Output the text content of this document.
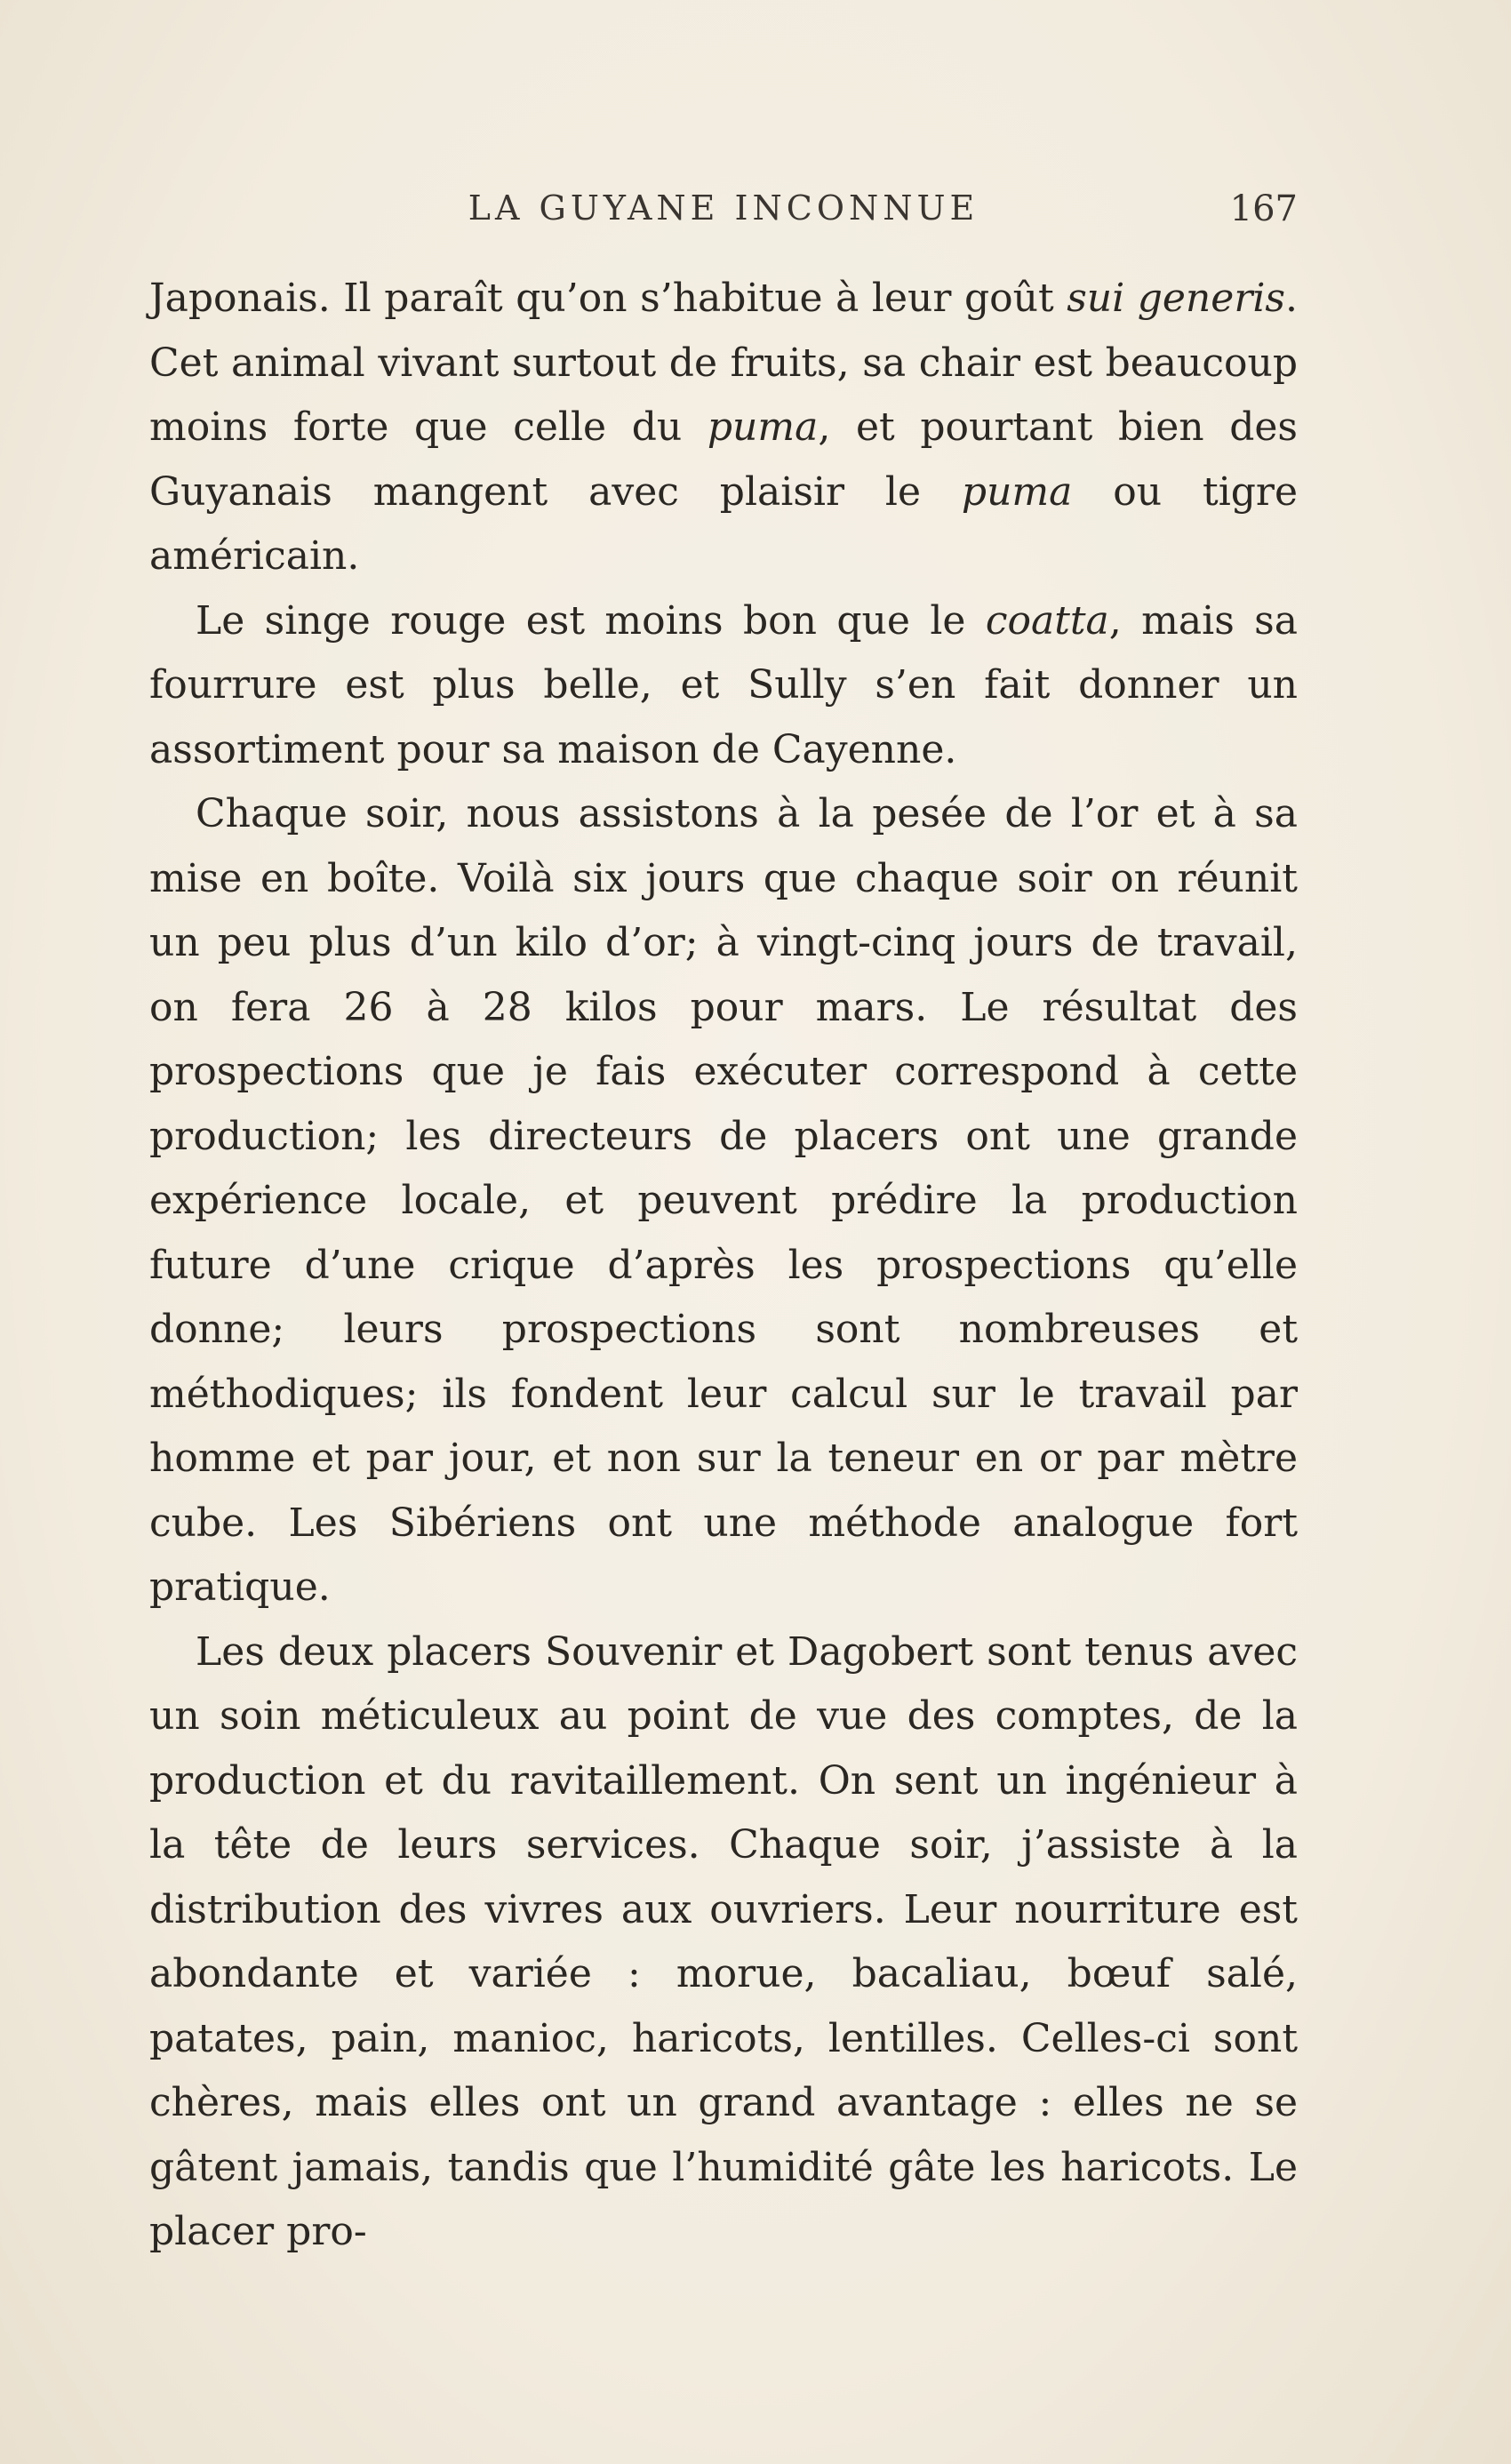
LA GUYANE INCONNUE	167

Japonais. Il paraît qu’on s’habitue à leur goût sui generis. Cet animal vivant surtout de fruits, sa chair est beaucoup moins forte que celle du puma, et pourtant bien des Guyanais mangent avec plaisir le puma ou tigre américain.

Le singe rouge est moins bon que le coatta, mais sa fourrure est plus belle, et Sully s’en fait donner un assortiment pour sa maison de Cayenne.

Chaque soir, nous assistons à la pesée de l’or et à sa mise en boîte. Voilà six jours que chaque soir on réunit un peu plus d’un kilo d’or; à vingt-cinq jours de travail, on fera 26 à 28 kilos pour mars. Le résultat des prospections que je fais exécuter correspond à cette production; les directeurs de placers ont une grande expérience locale, et peuvent prédire la production future d’une crique d’après les prospections qu’elle donne; leurs prospections sont nombreuses et méthodiques; ils fondent leur calcul sur le travail par homme et par jour, et non sur la teneur en or par mètre cube. Les Sibériens ont une méthode analogue fort pratique.

Les deux placers Souvenir et Dagobert sont tenus avec un soin méticuleux au point de vue des comptes, de la production et du ravitaillement. On sent un ingénieur à la tête de leurs services. Chaque soir, j’assiste à la distribution des vivres aux ouvriers. Leur nourriture est abondante et variée : morue, bacaliau, bœuf salé, patates, pain, manioc, haricots, lentilles. Celles-ci sont chères, mais elles ont un grand avantage : elles ne se gâtent jamais, tandis que l’humidité gâte les haricots. Le placer pro-
